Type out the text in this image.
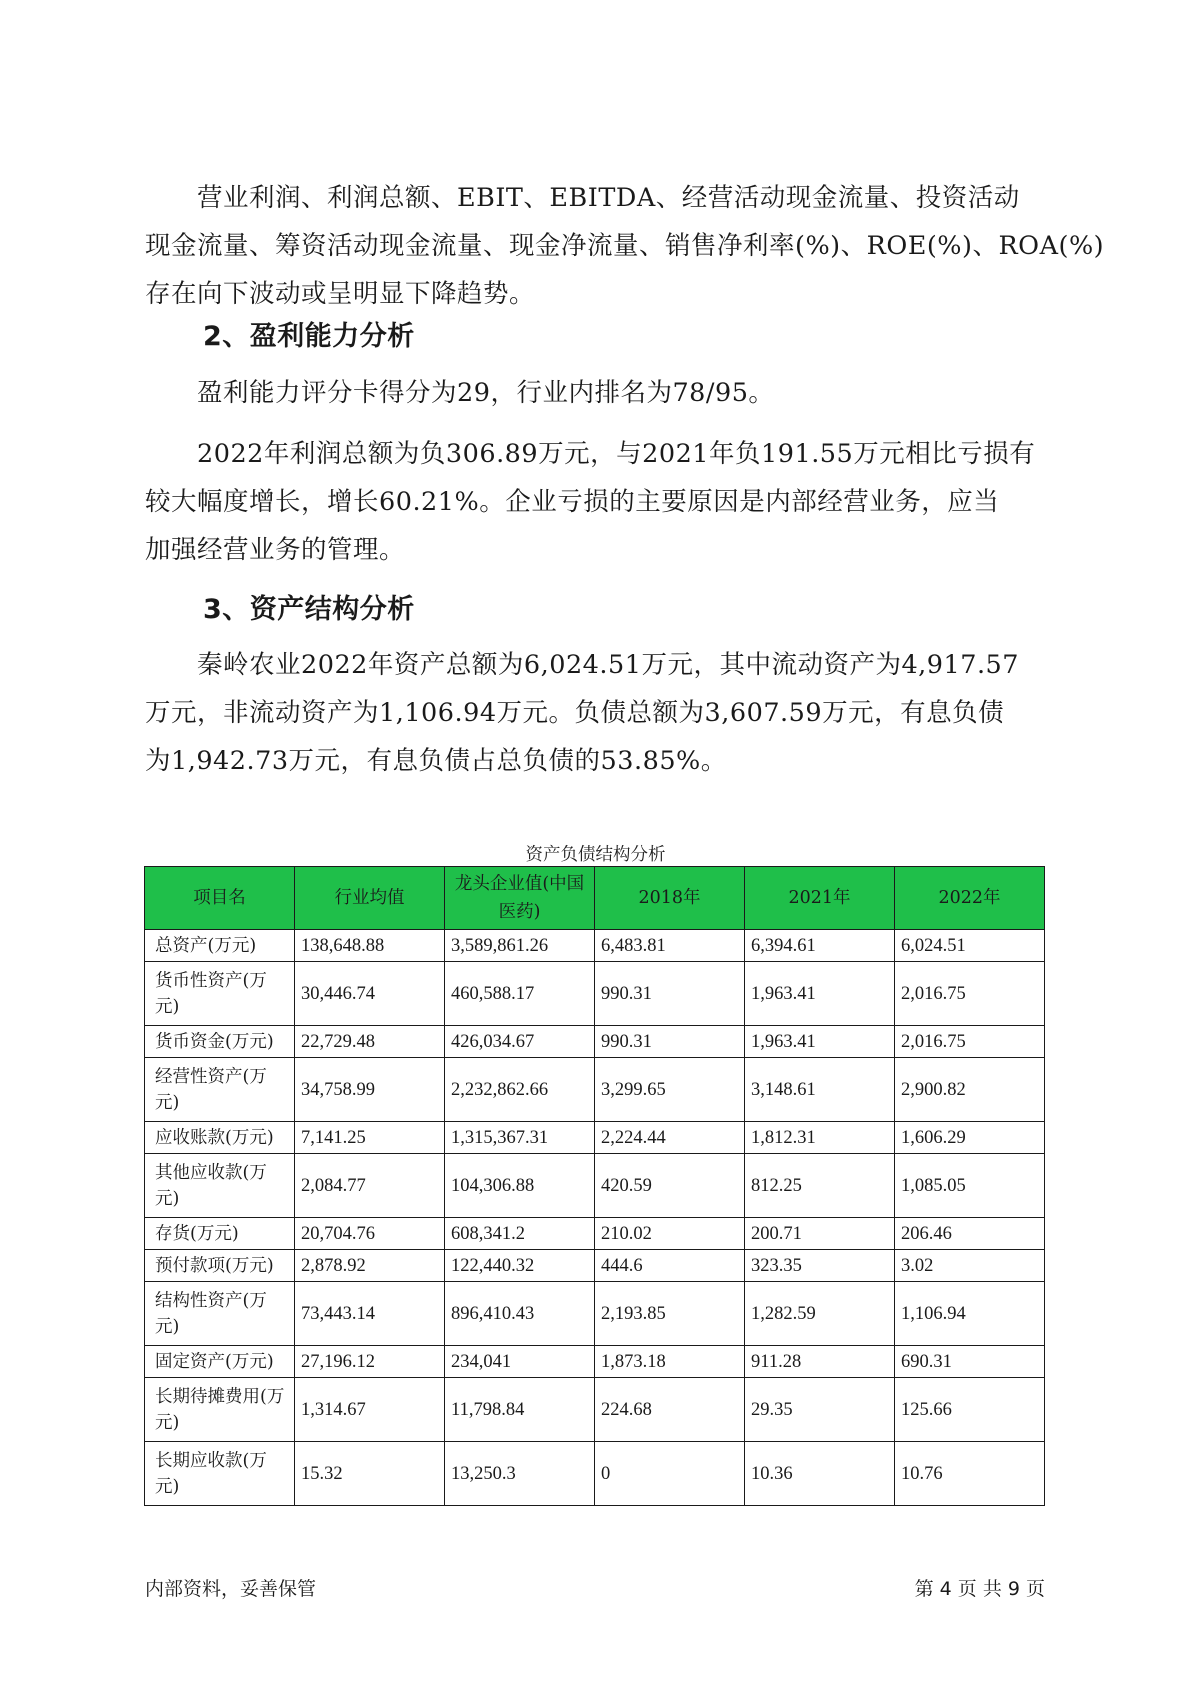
营业利润、利润总额、EBIT、EBITDA、经营活动现金流量、投资活动
现金流量、筹资活动现金流量、现金净流量、销售净利率(%)、ROE(%)、ROA(%)
存在向下波动或呈明显下降趋势。
2、盈利能力分析
盈利能力评分卡得分为29，行业内排名为78/95。
2022年利润总额为负306.89万元，与2021年负191.55万元相比亏损有
较大幅度增长，增长60.21%。企业亏损的主要原因是内部经营业务，应当
加强经营业务的管理。
3、资产结构分析
秦岭农业2022年资产总额为6,024.51万元，其中流动资产为4,917.57
万元，非流动资产为1,106.94万元。负债总额为3,607.59万元，有息负债
为1,942.73万元，有息负债占总负债的53.85%。

资产负债结构分析

项目名	行业均值	龙头企业值(中国医药)	2018年	2021年	2022年
总资产(万元)	138,648.88	3,589,861.26	6,483.81	6,394.61	6,024.51
货币性资产(万元)	30,446.74	460,588.17	990.31	1,963.41	2,016.75
货币资金(万元)	22,729.48	426,034.67	990.31	1,963.41	2,016.75
经营性资产(万元)	34,758.99	2,232,862.66	3,299.65	3,148.61	2,900.82
应收账款(万元)	7,141.25	1,315,367.31	2,224.44	1,812.31	1,606.29
其他应收款(万元)	2,084.77	104,306.88	420.59	812.25	1,085.05
存货(万元)	20,704.76	608,341.2	210.02	200.71	206.46
预付款项(万元)	2,878.92	122,440.32	444.6	323.35	3.02
结构性资产(万元)	73,443.14	896,410.43	2,193.85	1,282.59	1,106.94
固定资产(万元)	27,196.12	234,041	1,873.18	911.28	690.31
长期待摊费用(万元)	1,314.67	11,798.84	224.68	29.35	125.66
长期应收款(万元)	15.32	13,250.3	0	10.36	10.76

内部资料，妥善保管	第 4 页 共 9 页
